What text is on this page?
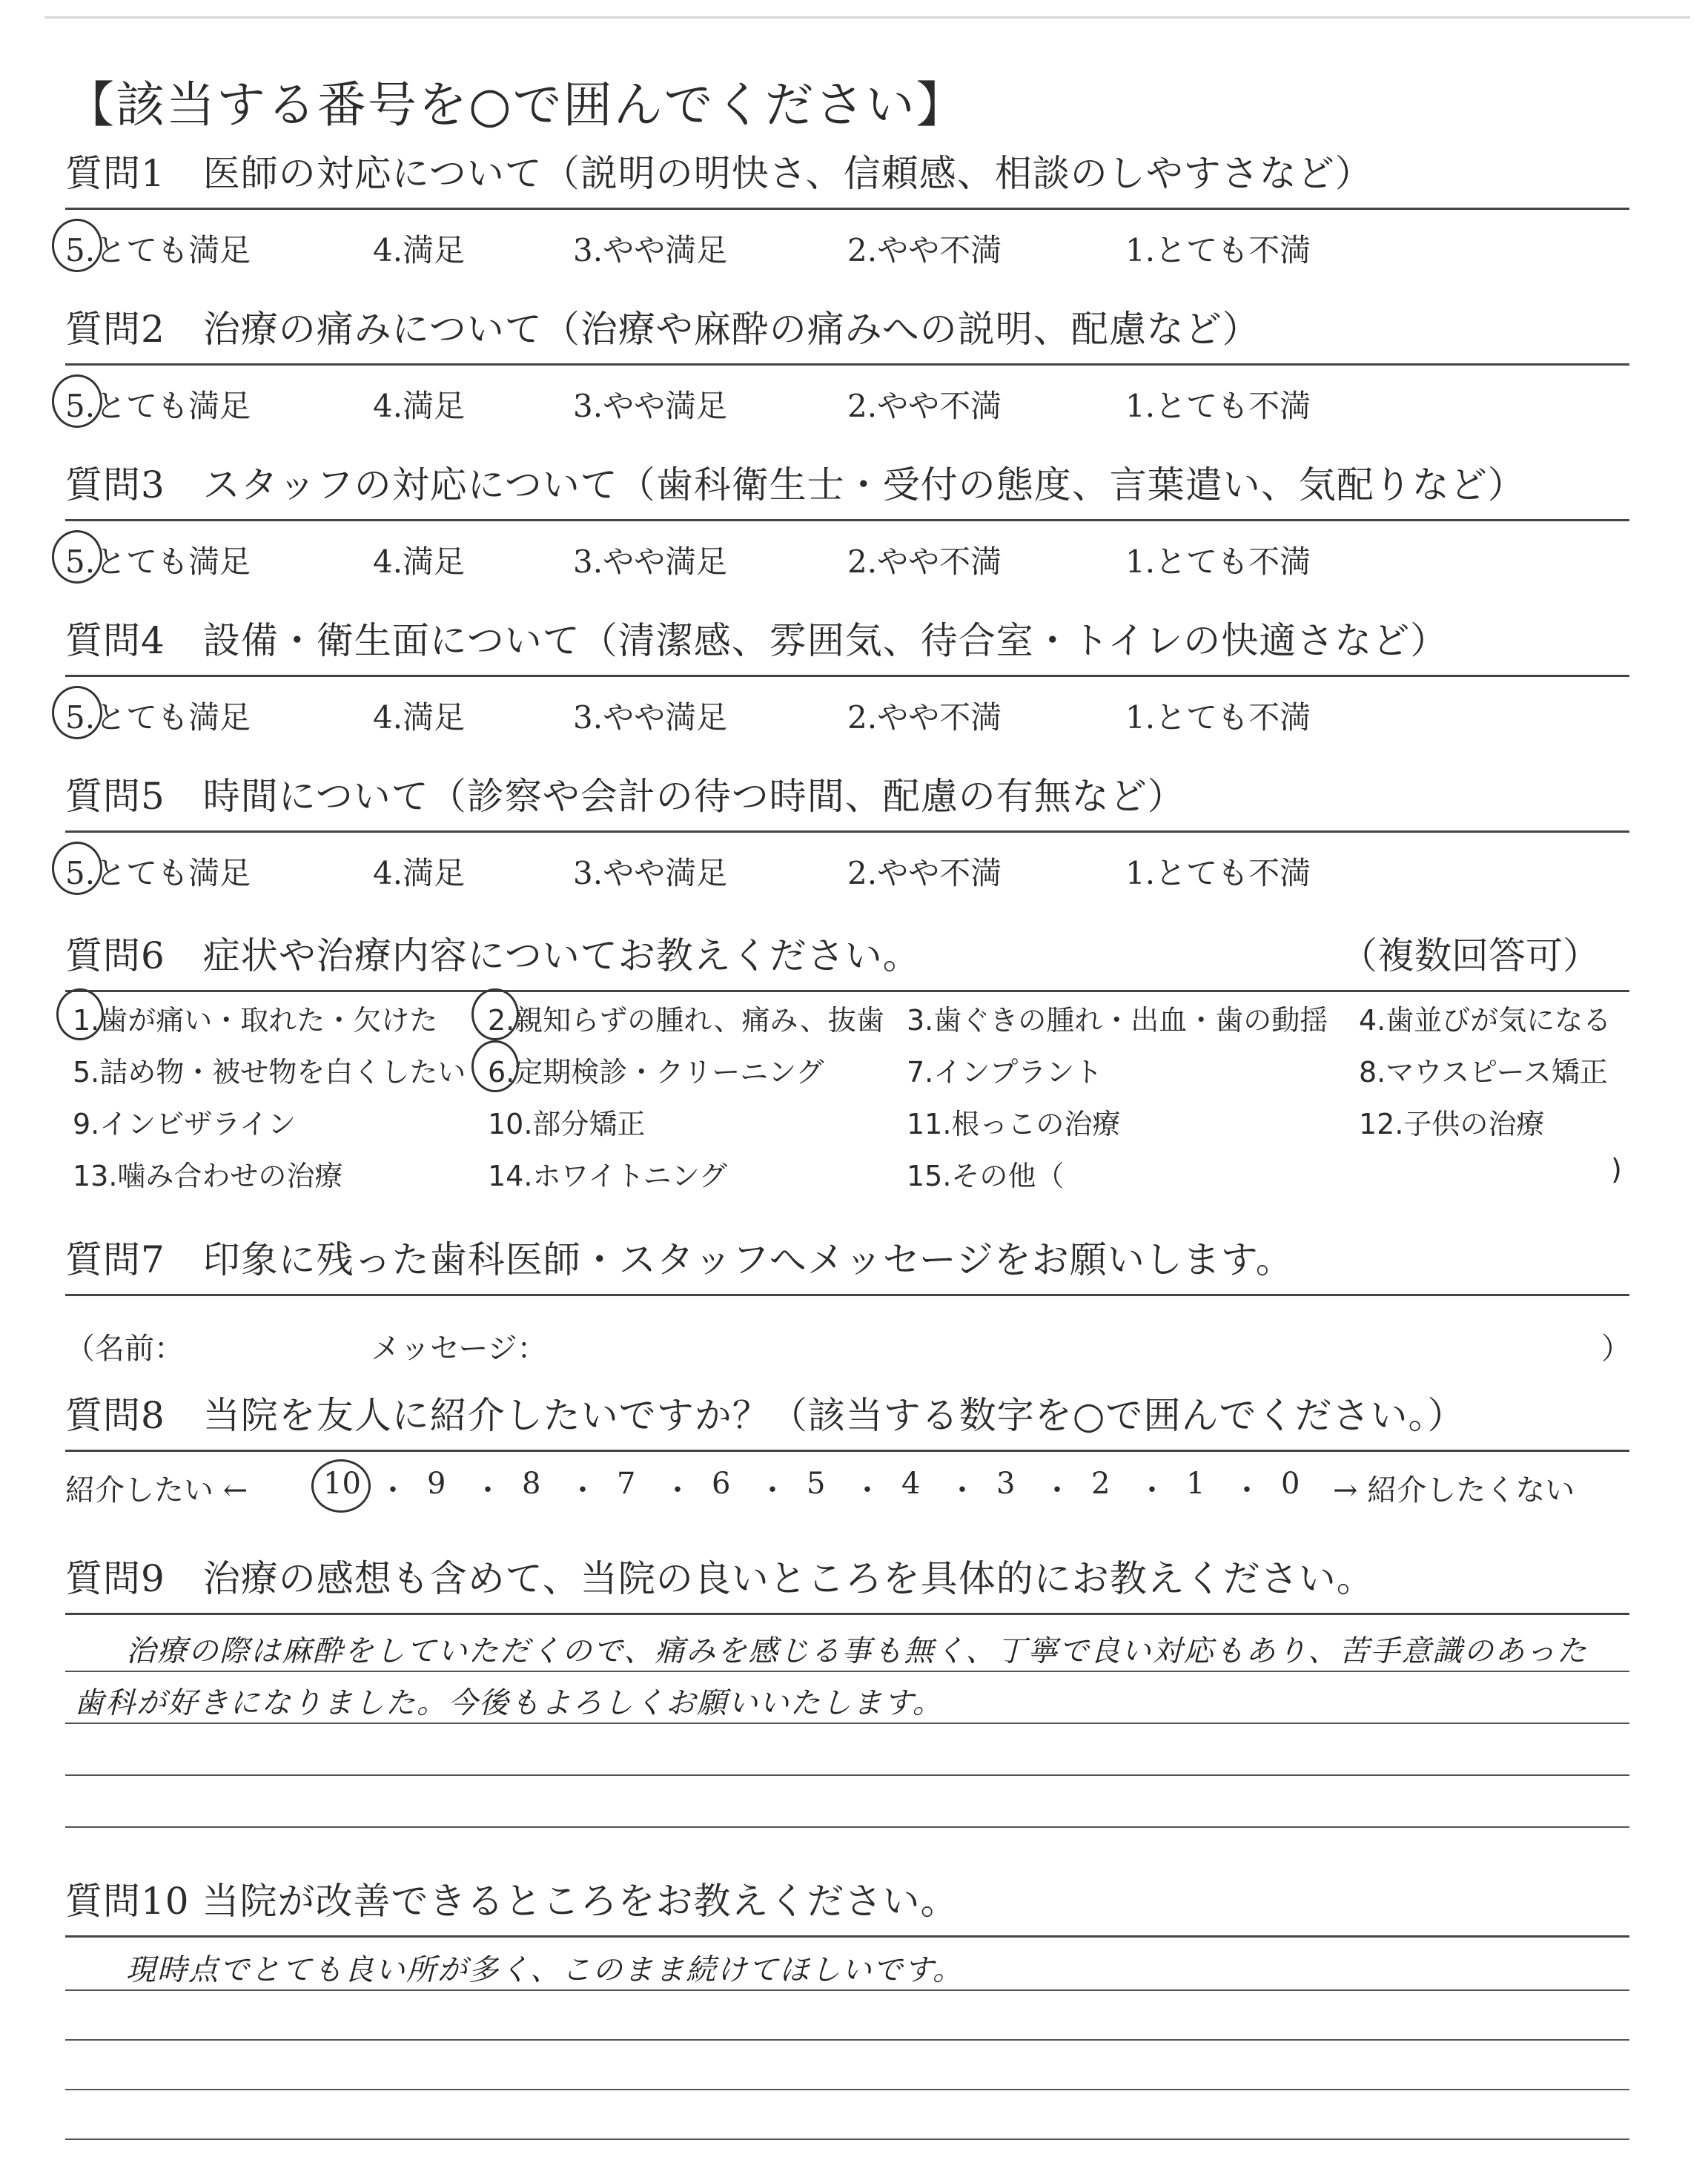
【該当する番号を○で囲んでください】
質問1　医師の対応について（説明の明快さ、信頼感、相談のしやすさなど）
5.とても満足	4.満足	3.やや満足	2.やや不満	1.とても不満
質問2　治療の痛みについて（治療や麻酔の痛みへの説明、配慮など）
5.とても満足	4.満足	3.やや満足	2.やや不満	1.とても不満
質問3　スタッフの対応について（歯科衛生士・受付の態度、言葉遣い、気配りなど）
5.とても満足	4.満足	3.やや満足	2.やや不満	1.とても不満
質問4　設備・衛生面について（清潔感、雰囲気、待合室・トイレの快適さなど）
5.とても満足	4.満足	3.やや満足	2.やや不満	1.とても不満
質問5　時間について（診察や会計の待つ時間、配慮の有無など）
5.とても満足	4.満足	3.やや満足	2.やや不満	1.とても不満
質問6　症状や治療内容についてお教えください。	（複数回答可）
1.歯が痛い・取れた・欠けた 2.親知らずの腫れ、痛み、抜歯 3.歯ぐきの腫れ・出血・歯の動揺 4.歯並びが気になる
5.詰め物・被せ物を白くしたい 6.定期検診・クリーニング	7.インプラント	8.マウスピース矯正
9.インビザライン	10.部分矯正	11.根っこの治療	12.子供の治療
13.噛み合わせの治療	14.ホワイトニング	15.その他（	)
質問7　印象に残った歯科医師・スタッフへメッセージをお願いします。
（名前：	メッセージ：	）
質問8　当院を友人に紹介したいですか？（該当する数字を○で囲んでください。）
紹介したい ←	→ 紹介したくない
10 ・ 9 ・ 8 ・ 7 ・ 6 ・ 5 ・ 4 ・ 3 ・ 2 ・ 1 ・ 0
質問9　治療の感想も含めて、当院の良いところを具体的にお教えください。
治療の際は麻酔をしていただくので、痛みを感じる事も無く、丁寧で良い対応もあり、苦手意識のあった
歯科が好きになりました。今後もよろしくお願いいたします。
質問10 当院が改善できるところをお教えください。
現時点でとても良い所が多く、このまま続けてほしいです。
